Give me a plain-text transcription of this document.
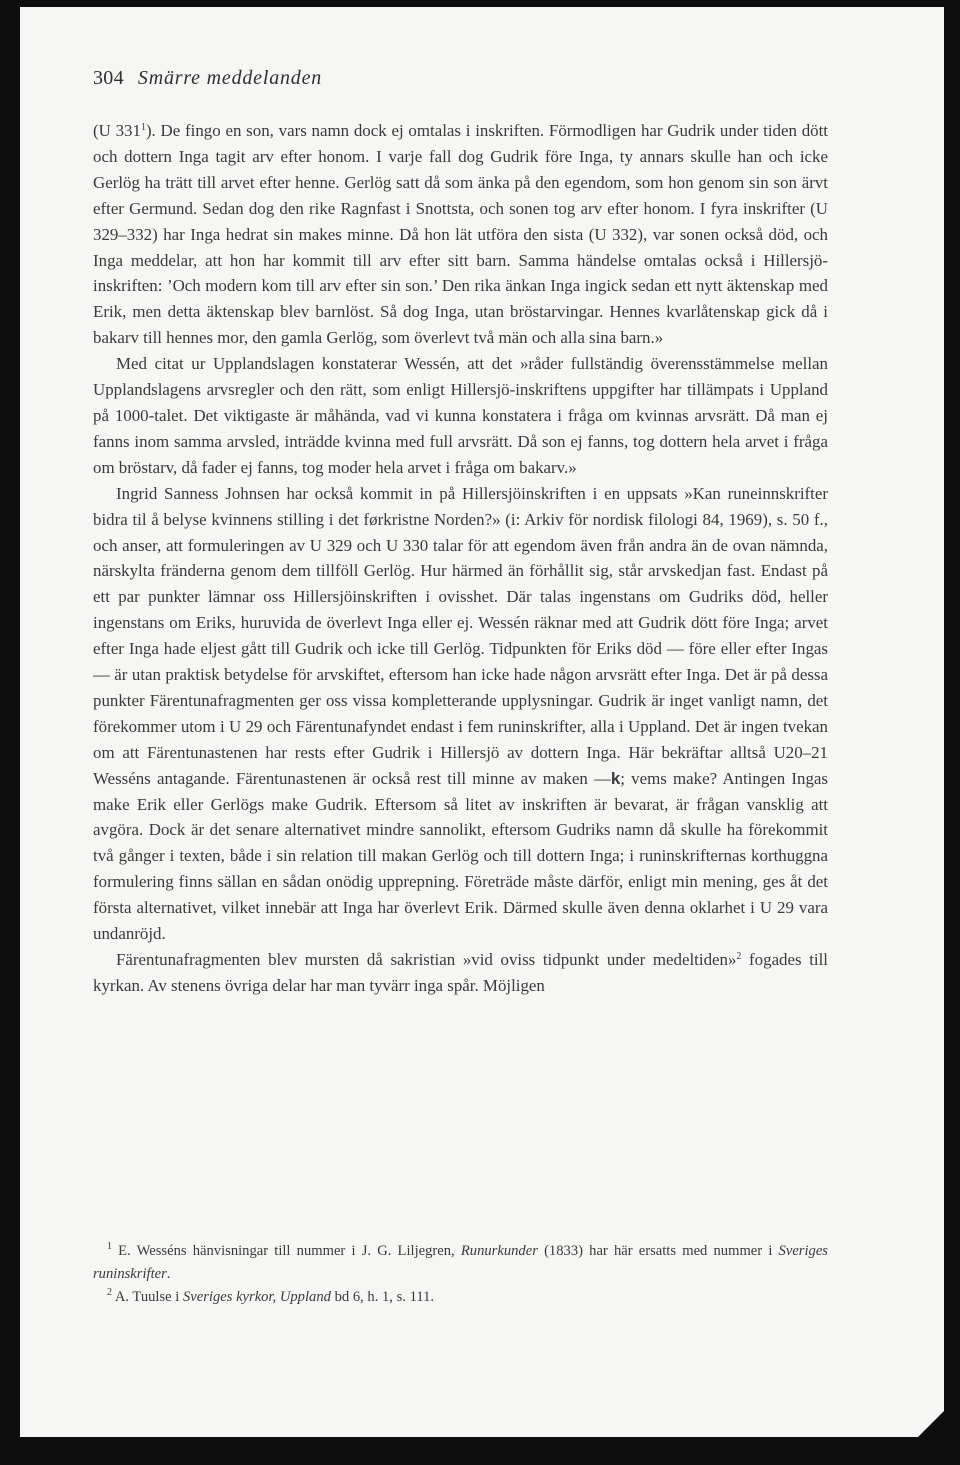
304 Smärre meddelanden

(U $331^1$). De fingo en son, vars namn dock ej omtalas i inskriften. Förmodligen har Gudrik under tiden dött och dottern Inga tagit arv efter honom. I varje fall dog Gudrik före Inga, ty annars skulle han och icke Gerlög ha trätt till arvet efter henne. Gerlög satt då som änka på den egendom, som hon genom sin son ärvt efter Germund. Sedan dog den rike Ragnfast i Snottsta, och sonen tog arv efter honom. I fyra inskrifter (U 329–332) har Inga hedrat sin makes minne. Då hon lät utföra den sista (U 332), var sonen också död, och Inga meddelar, att hon har kommit till arv efter sitt barn. Samma händelse omtalas också i Hillersjö-inskriften: ’Och modern kom till arv efter sin son.’ Den rika änkan Inga ingick sedan ett nytt äktenskap med Erik, men detta äktenskap blev barnlöst. Så dog Inga, utan bröstarvingar. Hennes kvarlåtenskap gick då i bakarv till hennes mor, den gamla Gerlög, som överlevt två män och alla sina barn.»

Med citat ur Upplandslagen konstaterar Wessén, att det »råder fullständig överensstämmelse mellan Upplandslagens arvsregler och den rätt, som enligt Hillersjö-inskriftens uppgifter har tillämpats i Uppland på 1000-talet. Det viktigaste är måhända, vad vi kunna konstatera i fråga om kvinnas arvsrätt. Då man ej fanns inom samma arvsled, inträdde kvinna med full arvsrätt. Då son ej fanns, tog dottern hela arvet i fråga om bröstarv, då fader ej fanns, tog moder hela arvet i fråga om bakarv.»

Ingrid Sanness Johnsen har också kommit in på Hillersjöinskriften i en uppsats »Kan runeinnskrifter bidra til å belyse kvinnens stilling i det førkristne Norden?» (i: Arkiv för nordisk filologi 84, 1969), s. 50 f., och anser, att formuleringen av U 329 och U 330 talar för att egendom även från andra än de ovan nämnda, närskylta fränderna genom dem tillföll Gerlög. Hur härmed än förhållit sig, står arvskedjan fast. Endast på ett par punkter lämnar oss Hillersjöinskriften i ovisshet. Där talas ingenstans om Gudriks död, heller ingenstans om Eriks, huruvida de överlevt Inga eller ej. Wessén räknar med att Gudrik dött före Inga; arvet efter Inga hade eljest gått till Gudrik och icke till Gerlög. Tidpunkten för Eriks död — före eller efter Ingas — är utan praktisk betydelse för arvskiftet, eftersom han icke hade någon arvsrätt efter Inga. Det är på dessa punkter Färentunafragmenten ger oss vissa kompletterande upplysningar. Gudrik är inget vanligt namn, det förekommer utom i U 29 och Färentunafyndet endast i fem runinskrifter, alla i Uppland. Det är ingen tvekan om att Färentunastenen har rests efter Gudrik i Hillersjö av dottern Inga. Här bekräftar alltså U20–21 Wesséns antagande. Färentunastenen är också rest till minne av maken —k; vems make? Antingen Ingas make Erik eller Gerlögs make Gudrik. Eftersom så litet av inskriften är bevarat, är frågan vansklig att avgöra. Dock är det senare alternativet mindre sannolikt, eftersom Gudriks namn då skulle ha förekommit två gånger i texten, både i sin relation till makan Gerlög och till dottern Inga; i runinskrifternas korthuggna formulering finns sällan en sådan onödig upprepning. Företräde måste därför, enligt min mening, ges åt det första alternativet, vilket innebär att Inga har överlevt Erik. Därmed skulle även denna oklarhet i U 29 vara undanröjd.

Färentunafragmenten blev mursten då sakristian »vid oviss tidpunkt under medeltiden»$^2$ fogades till kyrkan. Av stenens övriga delar har man tyvärr inga spår. Möjligen

$^1$ E. Wesséns hänvisningar till nummer i J. G. Liljegren, Runurkunder (1833) har här ersatts med nummer i Sveriges runinskrifter.

$^2$ A. Tuulse i Sveriges kyrkor, Uppland bd 6, h. 1, s. 111.
